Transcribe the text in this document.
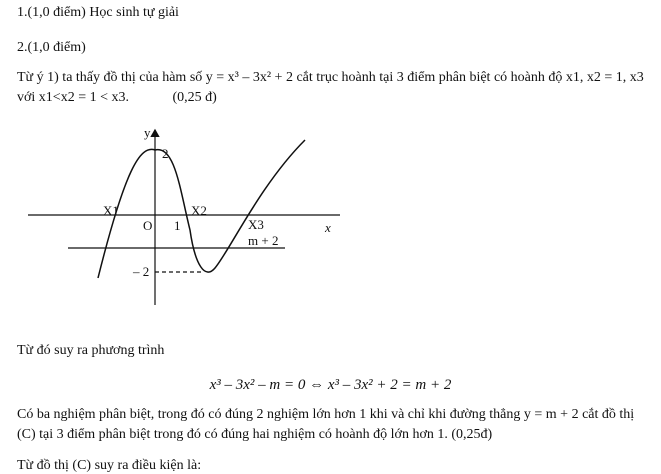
1.(1,0 điểm) Học sinh tự giải
2.(1,0 điểm)
Từ ý 1) ta thấy đồ thị của hàm số y = x³ – 3x² + 2 cắt trục hoành tại 3 điểm phân biệt có hoành độ x1, x2 = 1, x3 với x1<x2 = 1 < x3.	(0,25 đ)
y
x
2
– 2
O 1
X1	X2
X3
m + 2
Từ đó suy ra phương trình
x³ – 3x² – m = 0 ⇔ x³ – 3x² + 2 = m + 2
Có ba nghiệm phân biệt, trong đó có đúng 2 nghiệm lớn hơn 1 khi và chỉ khi đường thẳng y = m + 2 cắt đồ thị (C) tại 3 điểm phân biệt trong đó có đúng hai nghiệm có hoành độ lớn hơn 1. (0,25đ)
Từ đồ thị (C) suy ra điều kiện là:
